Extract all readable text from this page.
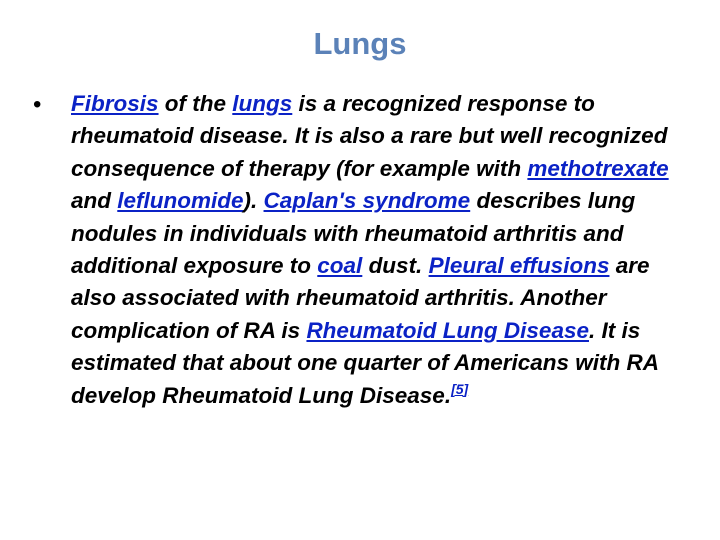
Lungs
• Fibrosis of the lungs is a recognized response to rheumatoid disease. It is also a rare but well recognized consequence of therapy (for example with methotrexate and leflunomide). Caplan's syndrome describes lung nodules in individuals with rheumatoid arthritis and additional exposure to coal dust. Pleural effusions are also associated with rheumatoid arthritis. Another complication of RA is Rheumatoid Lung Disease. It is estimated that about one quarter of Americans with RA develop Rheumatoid Lung Disease.[5]
